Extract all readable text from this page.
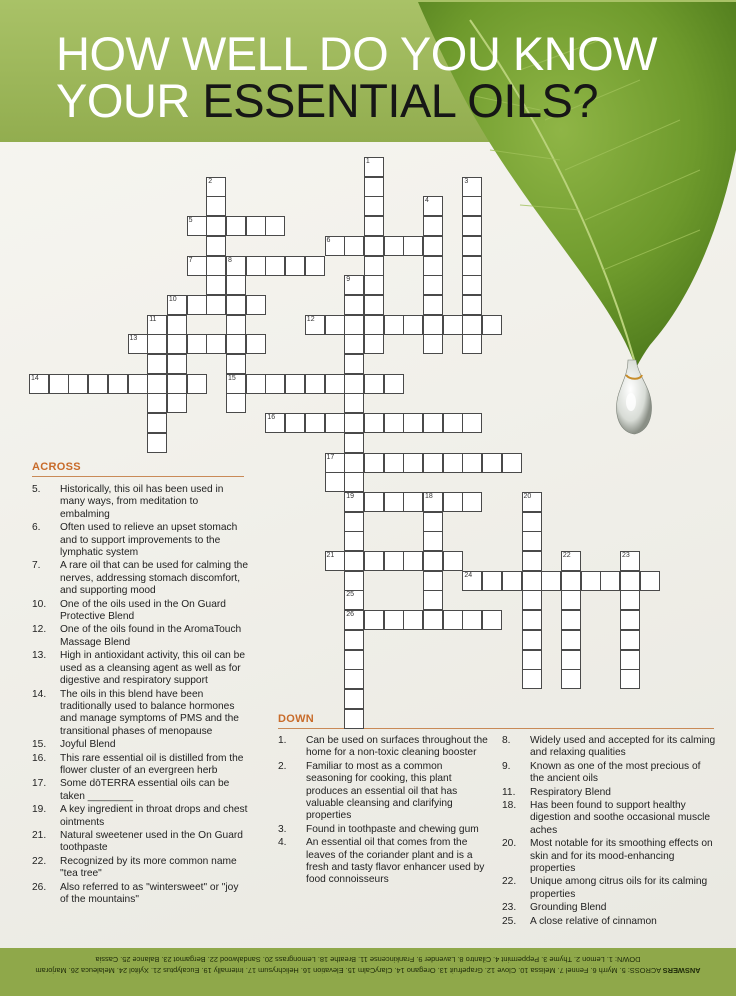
HOW WELL DO YOU KNOW
YOUR ESSENTIAL OILS?
1
2	3
4
5
6
7	8
9
10
11	12
13
14	15
16
17
18
19	20
21	22	23
24
25
26
ACROSS
5. Historically, this oil has been used in many ways, from meditation to embalming
6. Often used to relieve an upset stomach and to support improvements to the lymphatic system
7. A rare oil that can be used for calming the nerves, addressing stomach discomfort, and supporting mood
10. One of the oils used in the On Guard Protective Blend
12. One of the oils found in the AromaTouch Massage Blend
13. High in antioxidant activity, this oil can be used as a cleansing agent as well as for digestive and respiratory support
14. The oils in this blend have been traditionally used to balance hormones and manage symptoms of PMS and the transitional phases of menopause
15. Joyful Blend
16. This rare essential oil is distilled from the flower cluster of an evergreen herb
17. Some dōTERRA essential oils can be taken ________
19. A key ingredient in throat drops and chest ointments
21. Natural sweetener used in the On Guard toothpaste
22. Recognized by its more common name "tea tree"
26. Also referred to as "wintersweet" or "joy of the mountains"
DOWN
1. Can be used on surfaces throughout the home for a non-toxic cleaning booster
2. Familiar to most as a common seasoning for cooking, this plant produces an essential oil that has valuable cleansing and clarifying properties
3. Found in toothpaste and chewing gum
4. An essential oil that comes from the leaves of the coriander plant and is a fresh and tasty flavor enhancer used by food connoisseurs
8. Widely used and accepted for its calming and relaxing qualities
9. Known as one of the most precious of the ancient oils
11. Respiratory Blend
18. Has been found to support healthy digestion and soothe occasional muscle aches
20. Most notable for its smoothing effects on skin and for its mood-enhancing properties
22. Unique among citrus oils for its calming properties
23. Grounding Blend
25. A close relative of cinnamon
ANSWERS ACROSS: 5. Myrrh 6. Fennel 7. Melissa 10. Clove 12. Grapefruit 13. Oregano 14. ClaryCalm 15. Elevation 16. Helichrysum 17. Internally 19. Eucalyptus 21. Xylitol 24. Melaleuca 26. Marjoram
DOWN: 1. Lemon 2. Thyme 3. Peppermint 4. Cilantro 8. Lavender 9. Frankincense 11. Breathe 18. Lemongrass 20. Sandalwood 22. Bergamot 23. Balance 25. Cassia
